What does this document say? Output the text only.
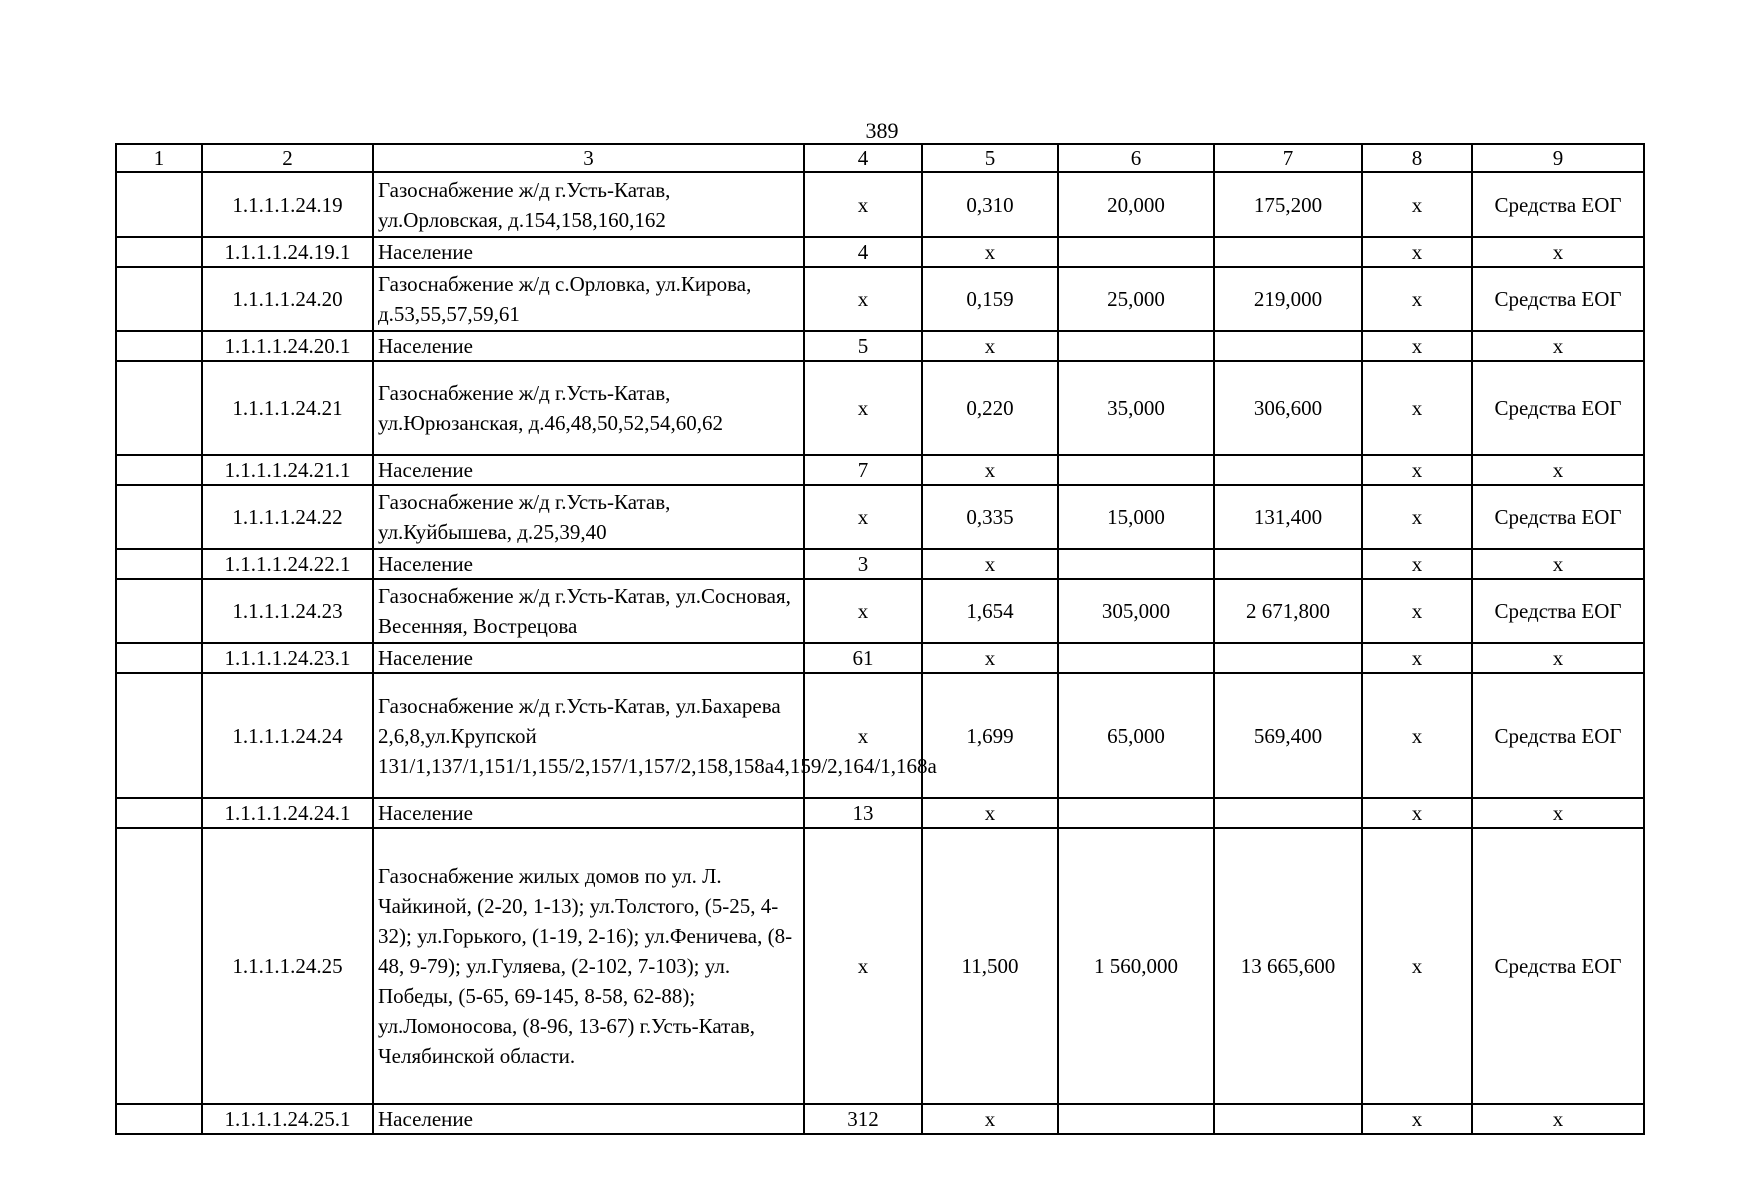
389
1	2	3	4	5	6	7	8	9
	1.1.1.1.24.19	Газоснабжение ж/д г.Усть-Катав, ул.Орловская, д.154,158,160,162	х	0,310	20,000	175,200	х	Средства ЕОГ
	1.1.1.1.24.19.1	Население	4	х			х	х
	1.1.1.1.24.20	Газоснабжение ж/д с.Орловка, ул.Кирова, д.53,55,57,59,61	х	0,159	25,000	219,000	х	Средства ЕОГ
	1.1.1.1.24.20.1	Население	5	х			х	х
	1.1.1.1.24.21	Газоснабжение ж/д г.Усть-Катав, ул.Юрюзанская, д.46,48,50,52,54,60,62	х	0,220	35,000	306,600	х	Средства ЕОГ
	1.1.1.1.24.21.1	Население	7	х			х	х
	1.1.1.1.24.22	Газоснабжение ж/д г.Усть-Катав, ул.Куйбышева, д.25,39,40	х	0,335	15,000	131,400	х	Средства ЕОГ
	1.1.1.1.24.22.1	Население	3	х			х	х
	1.1.1.1.24.23	Газоснабжение ж/д г.Усть-Катав, ул.Сосновая, Весенняя, Вострецова	х	1,654	305,000	2 671,800	х	Средства ЕОГ
	1.1.1.1.24.23.1	Население	61	х			х	х
	1.1.1.1.24.24	Газоснабжение ж/д г.Усть-Катав, ул.Бахарева 2,6,8,ул.Крупской 131/1,137/1,151/1,155/2,157/1,157/2,158,158а4,159/2,164/1,168а	х	1,699	65,000	569,400	х	Средства ЕОГ
	1.1.1.1.24.24.1	Население	13	х			х	х
	1.1.1.1.24.25	Газоснабжение жилых домов по ул. Л. Чайкиной, (2-20, 1-13); ул.Толстого, (5-25, 4-32); ул.Горького, (1-19, 2-16); ул.Феничева, (8-48, 9-79); ул.Гуляева, (2-102, 7-103); ул. Победы, (5-65, 69-145, 8-58, 62-88); ул.Ломоносова, (8-96, 13-67) г.Усть-Катав, Челябинской области.	х	11,500	1 560,000	13 665,600	х	Средства ЕОГ
	1.1.1.1.24.25.1	Население	312	х			х	х
